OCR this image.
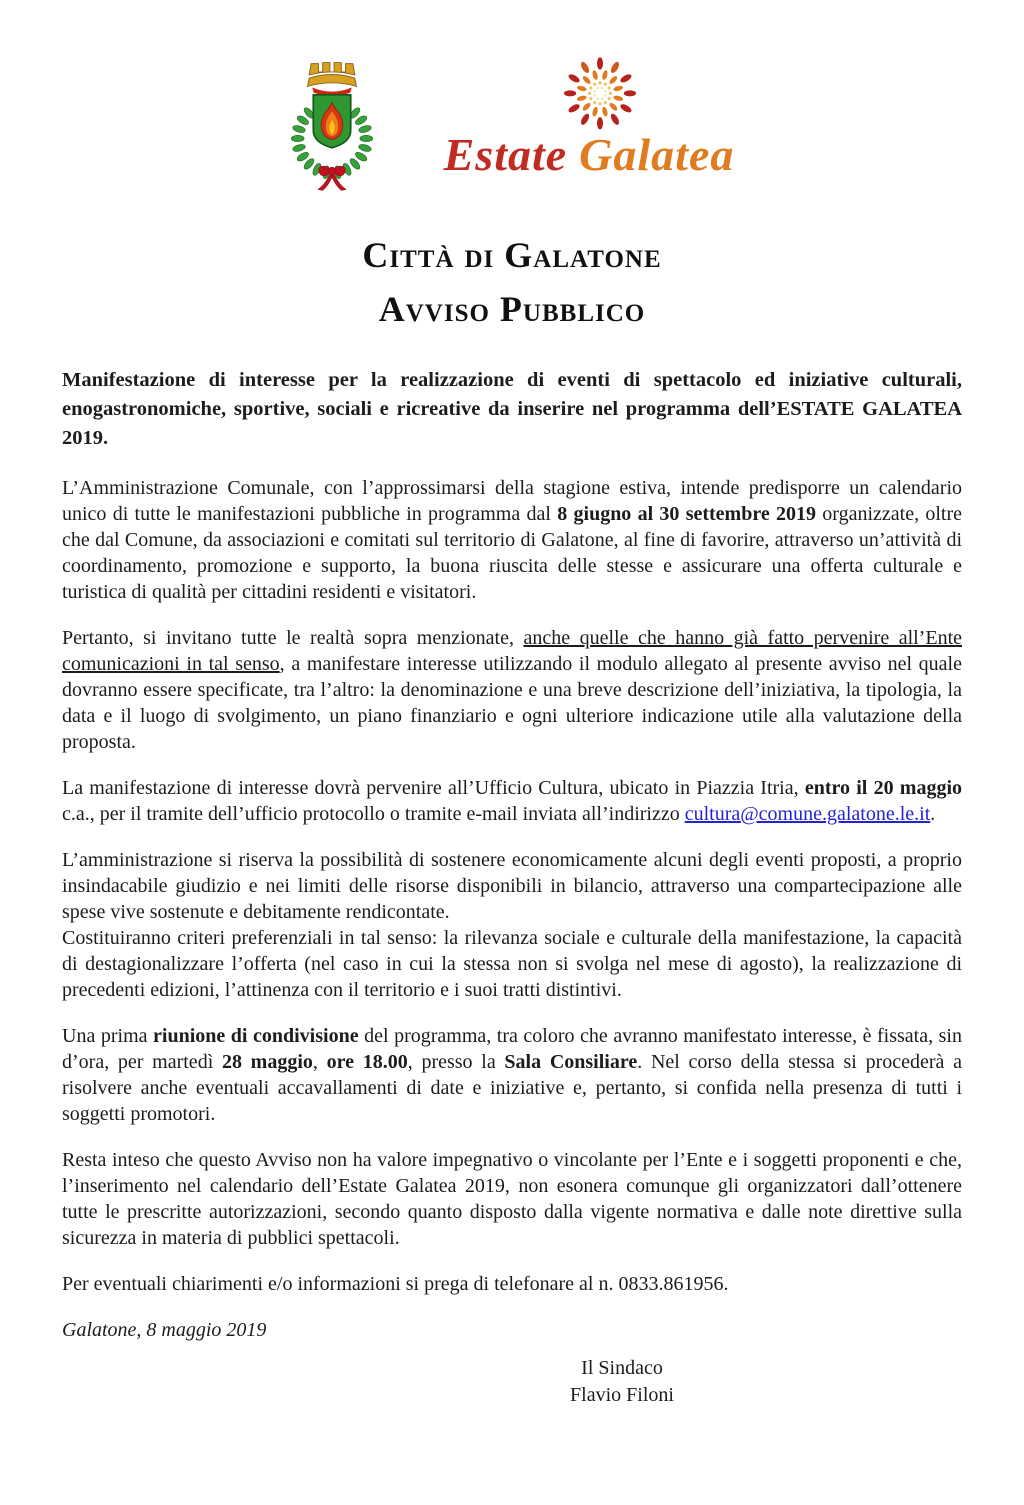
Estate Galatea
Città di Galatone
Avviso Pubblico

Manifestazione di interesse per la realizzazione di eventi di spettacolo ed iniziative culturali, enogastronomiche, sportive, sociali e ricreative da inserire nel programma dell’ESTATE GALATEA 2019.

L’Amministrazione Comunale, con l’approssimarsi della stagione estiva, intende predisporre un calendario unico di tutte le manifestazioni pubbliche in programma dal 8 giugno al 30 settembre 2019 organizzate, oltre che dal Comune, da associazioni e comitati sul territorio di Galatone, al fine di favorire, attraverso un’attività di coordinamento, promozione e supporto, la buona riuscita delle stesse e assicurare una offerta culturale e turistica di qualità per cittadini residenti e visitatori.

Pertanto, si invitano tutte le realtà sopra menzionate, anche quelle che hanno già fatto pervenire all’Ente comunicazioni in tal senso, a manifestare interesse utilizzando il modulo allegato al presente avviso nel quale dovranno essere specificate, tra l’altro: la denominazione e una breve descrizione dell’iniziativa, la tipologia, la data e il luogo di svolgimento, un piano finanziario e ogni ulteriore indicazione utile alla valutazione della proposta.

La manifestazione di interesse dovrà pervenire all’Ufficio Cultura, ubicato in Piazzia Itria, entro il 20 maggio c.a., per il tramite dell’ufficio protocollo o tramite e-mail inviata all’indirizzo cultura@comune.galatone.le.it.

L’amministrazione si riserva la possibilità di sostenere economicamente alcuni degli eventi proposti, a proprio insindacabile giudizio e nei limiti delle risorse disponibili in bilancio, attraverso una compartecipazione alle spese vive sostenute e debitamente rendicontate.

Costituiranno criteri preferenziali in tal senso: la rilevanza sociale e culturale della manifestazione, la capacità di destagionalizzare l’offerta (nel caso in cui la stessa non si svolga nel mese di agosto), la realizzazione di precedenti edizioni, l’attinenza con il territorio e i suoi tratti distintivi.

Una prima riunione di condivisione del programma, tra coloro che avranno manifestato interesse, è fissata, sin d’ora, per martedì 28 maggio, ore 18.00, presso la Sala Consiliare. Nel corso della stessa si procederà a risolvere anche eventuali accavallamenti di date e iniziative e, pertanto, si confida nella presenza di tutti i soggetti promotori.

Resta inteso che questo Avviso non ha valore impegnativo o vincolante per l’Ente e i soggetti proponenti e che, l’inserimento nel calendario dell’Estate Galatea 2019, non esonera comunque gli organizzatori dall’ottenere tutte le prescritte autorizzazioni, secondo quanto disposto dalla vigente normativa e dalle note direttive sulla sicurezza in materia di pubblici spettacoli.

Per eventuali chiarimenti e/o informazioni si prega di telefonare al n. 0833.861956.

Galatone, 8 maggio 2019

Il Sindaco
Flavio Filoni
